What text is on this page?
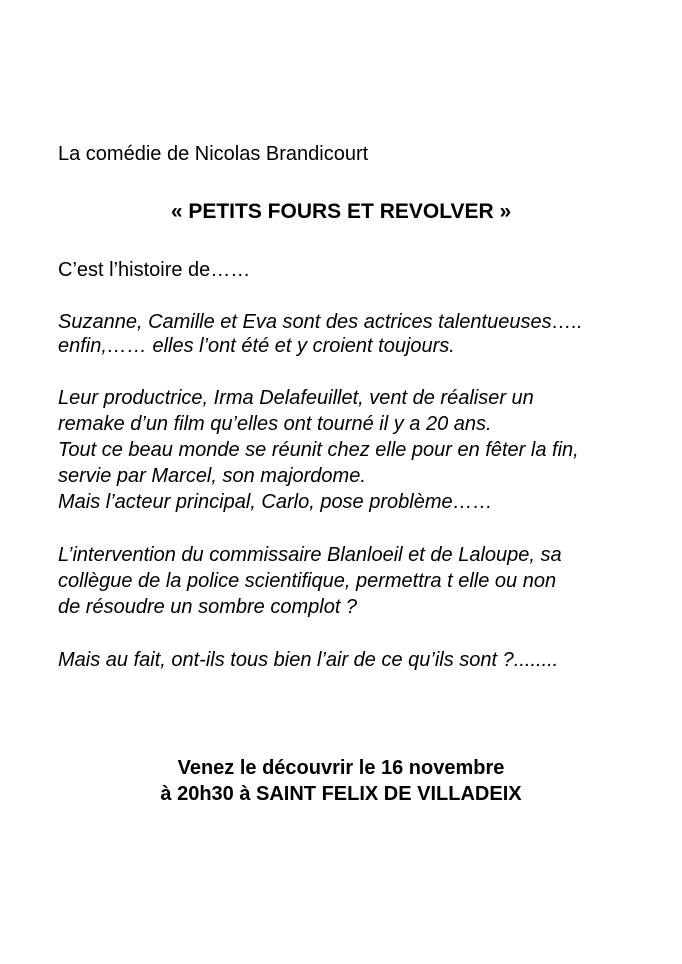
La comédie de Nicolas Brandicourt
« PETITS FOURS ET REVOLVER »
C’est l’histoire de……
Suzanne, Camille et Eva sont des actrices talentueuses…..
enfin,…… elles l’ont été et y croient toujours.
Leur productrice, Irma Delafeuillet, vent de réaliser un
remake d’un film qu’elles ont tourné il y a 20 ans.
Tout ce beau monde se réunit chez elle pour en fêter la fin,
servie par Marcel, son majordome.
Mais l’acteur principal, Carlo, pose problème……
L’intervention du commissaire Blanloeil et de Laloupe, sa
collègue de la police scientifique, permettra t elle ou non
de résoudre un sombre complot ?
Mais au fait, ont-ils tous bien l’air de ce qu’ils sont ?........
Venez le découvrir le 16 novembre
à 20h30 à SAINT FELIX DE VILLADEIX
